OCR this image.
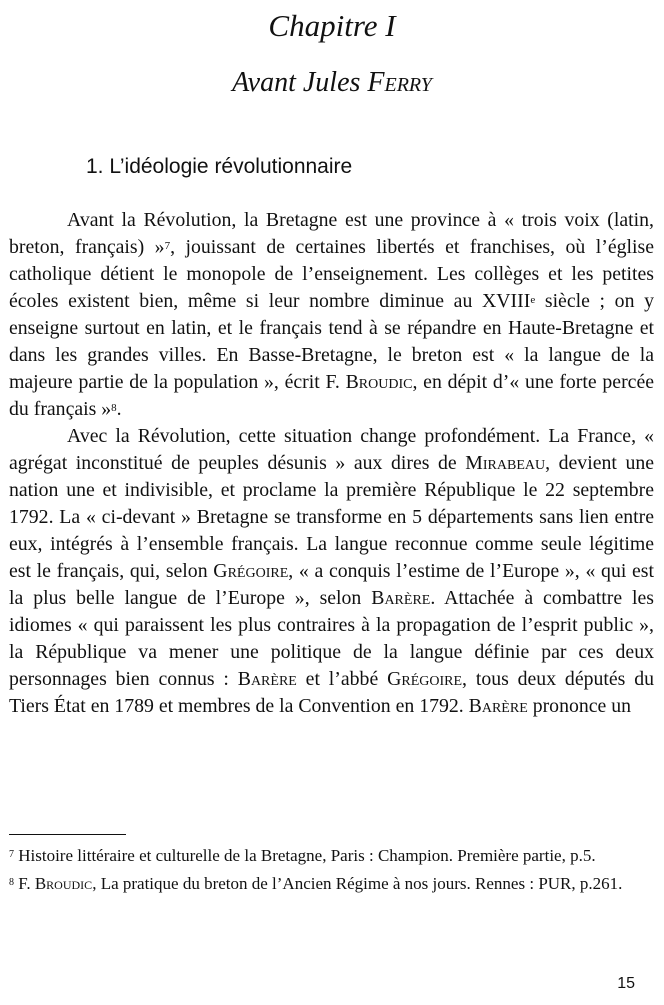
Chapitre I
Avant Jules Ferry
1. L’idéologie révolutionnaire

Avant la Révolution, la Bretagne est une province à « trois voix (latin, breton, français) »$^7$, jouissant de certaines libertés et franchises, où l’église catholique détient le monopole de l’enseignement. Les collèges et les petites écoles existent bien, même si leur nombre diminue au XVIIIe siècle ; on y enseigne surtout en latin, et le français tend à se répandre en Haute-Bretagne et dans les grandes villes. En Basse-Bretagne, le breton est « la langue de la majeure partie de la population », écrit F. Broudic, en dépit d’« une forte percée du français »$^8$.

Avec la Révolution, cette situation change profondément. La France, « agrégat inconstitué de peuples désunis » aux dires de Mirabeau, devient une nation une et indivisible, et proclame la première République le 22 septembre 1792. La « ci-devant » Bretagne se transforme en 5 départements sans lien entre eux, intégrés à l’ensemble français. La langue reconnue comme seule légitime est le français, qui, selon Grégoire, « a conquis l’estime de l’Europe », « qui est la plus belle langue de l’Europe », selon Barère. Attachée à combattre les idiomes « qui paraissent les plus contraires à la propagation de l’esprit public », la République va mener une politique de la langue définie par ces deux personnages bien connus : Barère et l’abbé Grégoire, tous deux députés du Tiers État en 1789 et membres de la Convention en 1792. Barère prononce un

$^7$ Histoire littéraire et culturelle de la Bretagne, Paris : Champion. Première partie, p.5.

$^8$ F. Broudic, La pratique du breton de l’Ancien Régime à nos jours. Rennes : PUR, p.261.

15
